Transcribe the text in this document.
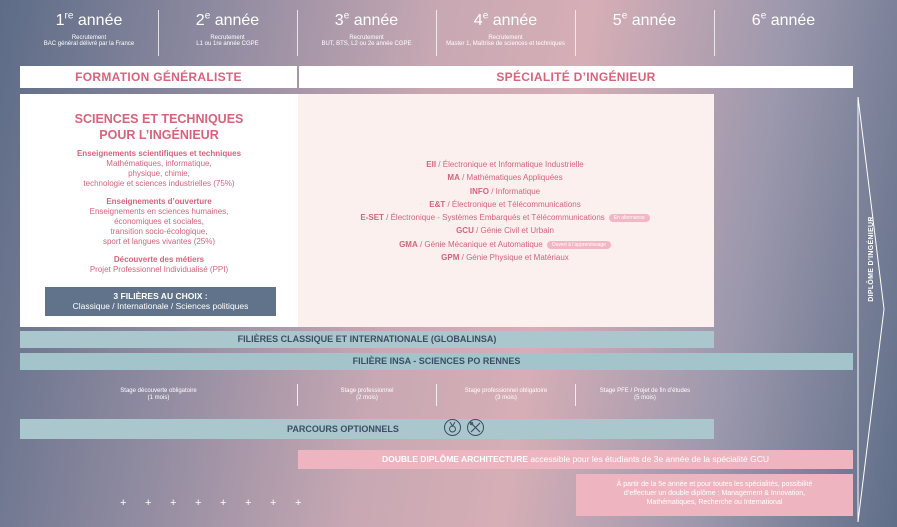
1re année
Recrutement
BAC général délivré par la France
2e année
Recrutement
L1 ou 1re année CGPE
3e année
Recrutement
BUT, BTS, L2 ou 2e année CGPE
4e année
Recrutement
Master 1, Maîtrise de sciences et techniques
5e année	6e année
FORMATION GÉNÉRALISTE	SPÉCIALITÉ D’INGÉNIEUR
SCIENCES ET TECHNIQUES
POUR L’INGÉNIEUR
Enseignements scientifiques et techniques
Mathématiques, informatique,
physique, chimie,
technologie et sciences industrielles (75%)
Enseignements d’ouverture
Enseignements en sciences humaines,
économiques et sociales,
transition socio-écologique,
sport et langues vivantes (25%)
Découverte des métiers
Projet Professionnel Individualisé (PPI)
3 FILIÈRES AU CHOIX :
Classique / Internationale / Sciences politiques
EII / Électronique et Informatique Industrielle
MA / Mathématiques Appliquées
INFO / Informatique
E&T / Électronique et Télécommunications
E-SET / Électronique - Systèmes Embarqués et Télécommunications En alternance
GCU / Génie Civil et Urbain
GMA / Génie Mécanique et Automatique Ouvert à l’apprentissage
GPM / Génie Physique et Matériaux
FILIÈRES CLASSIQUE ET INTERNATIONALE (GLOBALINSA)
FILIÈRE INSA - SCIENCES PO RENNES
Stage découverte obligatoire
(1 mois)
Stage professionnel
(2 mois)
Stage professionnel obligatoire
(3 mois)
Stage PFE / Projet de fin d’études
(5 mois)
PARCOURS OPTIONNELS
DOUBLE DIPLÔME ARCHITECTURE accessible pour les étudiants de 3e année de la spécialité GCU
À partir de la 5e année et pour toutes les spécialités, possibilité
d’effectuer un double diplôme : Management & Innovation,
Mathématiques, Recherche ou International
DIPLÔME D’INGÉNIEUR
+ + + + + + + +
